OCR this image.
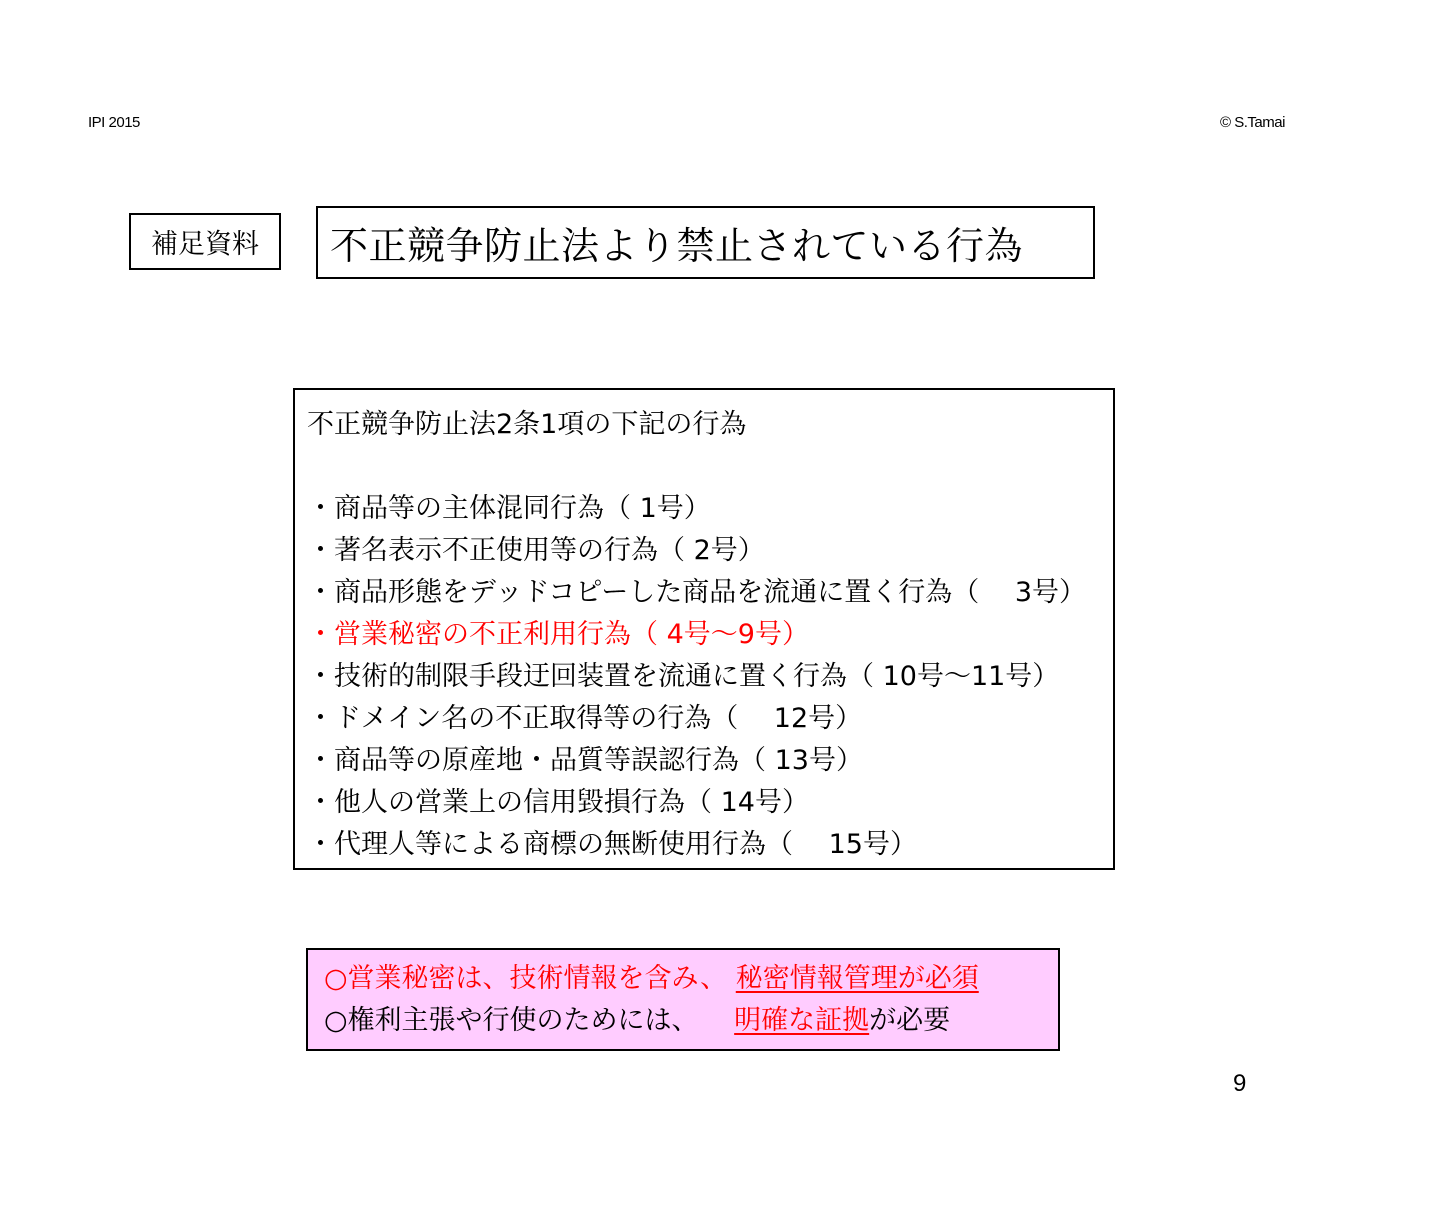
IPI 2015	© S.Tamai
補足資料 不正競争防止法より禁止されている行為
不正競争防止法2条1項の下記の行為
・商品等の主体混同行為（ 1号）
・著名表示不正使用等の行為（ 2号）
・商品形態をデッドコピーした商品を流通に置く行為（ 　3号）
・営業秘密の不正利用行為（ 4号～9号）
・技術的制限手段迂回装置を流通に置く行為（ 10号～11号）
・ドメイン名の不正取得等の行為（ 　12号）
・商品等の原産地・品質等誤認行為（ 13号）
・他人の営業上の信用毀損行為（ 14号）
・代理人等による商標の無断使用行為（ 　15号）
○営業秘密は、技術情報を含み、 秘密情報管理が必須
○権利主張や行使のためには、 　明確な証拠が必要
9
